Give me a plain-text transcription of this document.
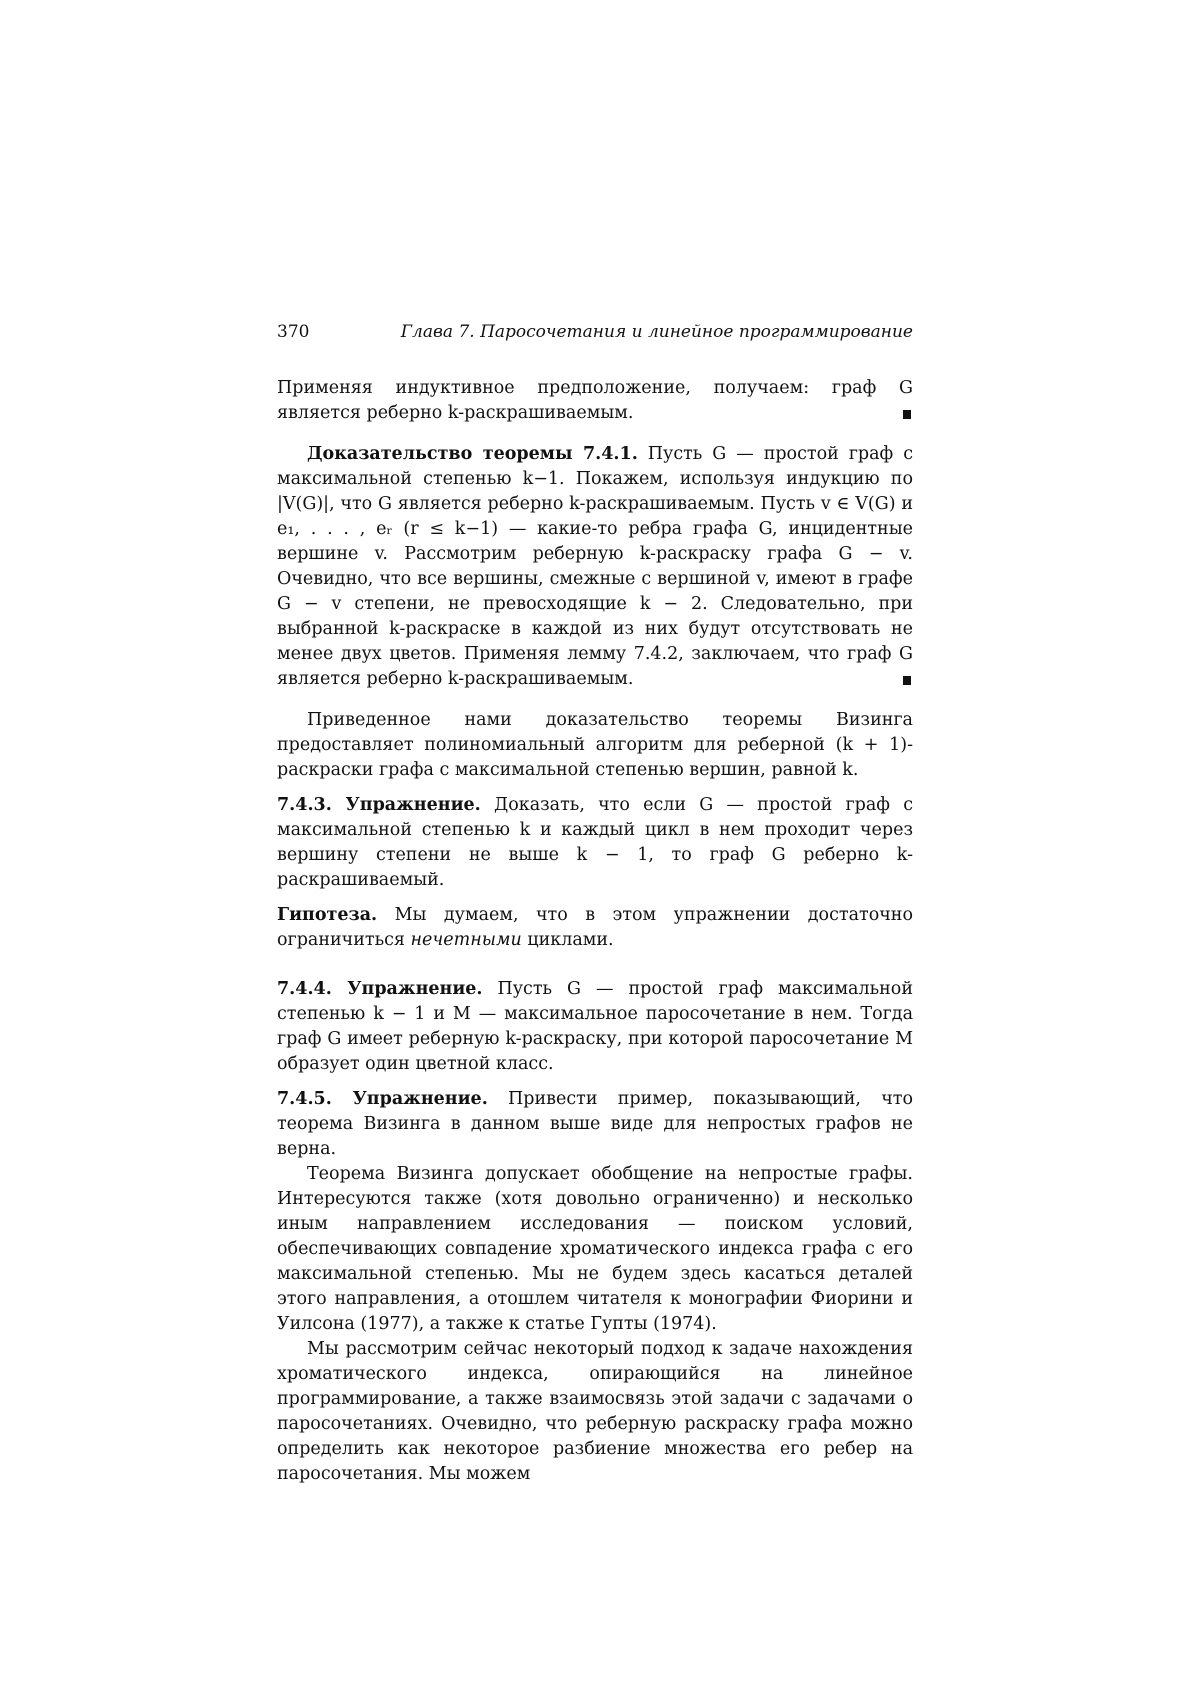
370	Глава 7. Паросочетания и линейное программирование

Применяя индуктивное предположение, получаем: граф G является реберно k-раскрашиваемым.

Доказательство теоремы 7.4.1. Пусть G — простой граф с максимальной степенью k−1. Покажем, используя индукцию по |V(G)|, что G является реберно k-раскрашиваемым. Пусть v ∈ V(G) и e₁, . . . , eᵣ (r ≤ k−1) — какие-то ребра графа G, инцидентные вершине v. Рассмотрим реберную k-раскраску графа G − v. Очевидно, что все вершины, смежные с вершиной v, имеют в графе G − v степени, не превосходящие k − 2. Следовательно, при выбранной k-раскраске в каждой из них будут отсутствовать не менее двух цветов. Применяя лемму 7.4.2, заключаем, что граф G является реберно k-раскрашиваемым.

Приведенное нами доказательство теоремы Визинга предоставляет полиномиальный алгоритм для реберной (k + 1)-раскраски графа с максимальной степенью вершин, равной k.

7.4.3. Упражнение. Доказать, что если G — простой граф с максимальной степенью k и каждый цикл в нем проходит через вершину степени не выше k − 1, то граф G реберно k-раскрашиваемый.

Гипотеза. Мы думаем, что в этом упражнении достаточно ограничиться нечетными циклами.

7.4.4. Упражнение. Пусть G — простой граф максимальной степенью k − 1 и M — максимальное паросочетание в нем. Тогда граф G имеет реберную k-раскраску, при которой паросочетание M образует один цветной класс.

7.4.5. Упражнение. Привести пример, показывающий, что теорема Визинга в данном выше виде для непростых графов не верна.

Теорема Визинга допускает обобщение на непростые графы. Интересуются также (хотя довольно ограниченно) и несколько иным направлением исследования — поиском условий, обеспечивающих совпадение хроматического индекса графа с его максимальной степенью. Мы не будем здесь касаться деталей этого направления, а отошлем читателя к монографии Фиорини и Уилсона (1977), а также к статье Гупты (1974).

Мы рассмотрим сейчас некоторый подход к задаче нахождения хроматического индекса, опирающийся на линейное программирование, а также взаимосвязь этой задачи с задачами о паросочетаниях. Очевидно, что реберную раскраску графа можно определить как некоторое разбиение множества его ребер на паросочетания. Мы можем
